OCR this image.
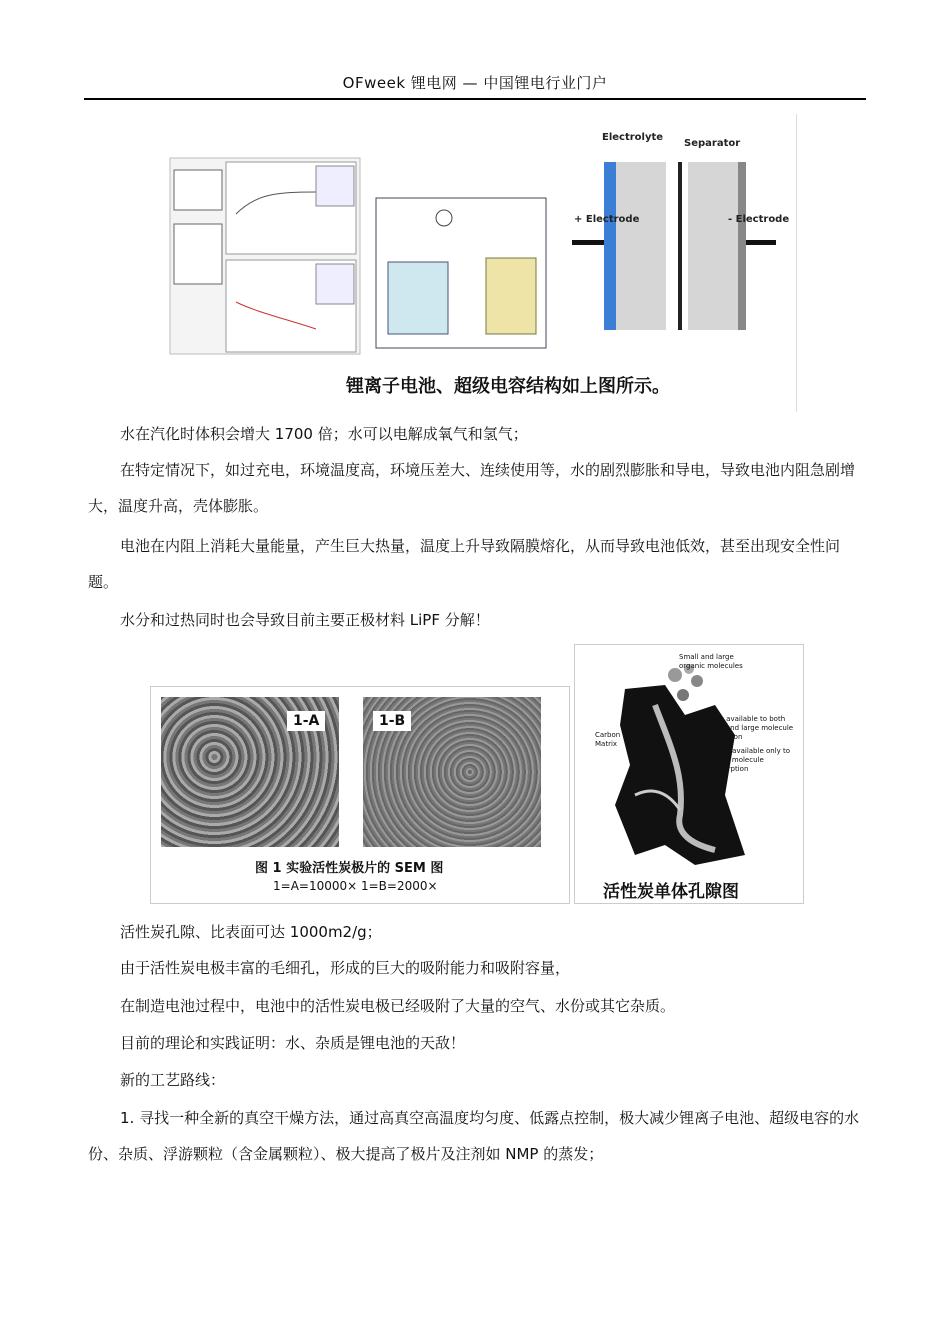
OFweek 锂电网 — 中国锂电行业门户
Electrolyte
Separator
+ Electrode	- Electrode
锂离子电池、超级电容结构如上图所示。

水在汽化时体积会增大 1700 倍；水可以电解成氧气和氢气；

在特定情况下，如过充电，环境温度高，环境压差大、连续使用等，水的剧烈膨胀和导电，导致电池内阻急剧增大，温度升高，壳体膨胀。

电池在内阻上消耗大量能量，产生巨大热量，温度上升导致隔膜熔化，从而导致电池低效，甚至出现安全性问题。

水分和过热同时也会导致目前主要正极材料 LiPF 分解！

1-A	1-B
图 1 实验活性炭极片的 SEM 图
1=A=10000× 1=B=2000×
Small and large organic molecules
Carbon Matrix
Pores available to both small and large molecule adsorption
Pores available only to small molecule adsorption
活性炭单体孔隙图

活性炭孔隙、比表面可达 1000m2/g；

由于活性炭电极丰富的毛细孔，形成的巨大的吸附能力和吸附容量，

在制造电池过程中，电池中的活性炭电极已经吸附了大量的空气、水份或其它杂质。

目前的理论和实践证明：水、杂质是锂电池的天敌！

新的工艺路线：

1. 寻找一种全新的真空干燥方法，通过高真空高温度均匀度、低露点控制，极大减少锂离子电池、超级电容的水份、杂质、浮游颗粒（含金属颗粒）、极大提高了极片及注剂如 NMP 的蒸发；
